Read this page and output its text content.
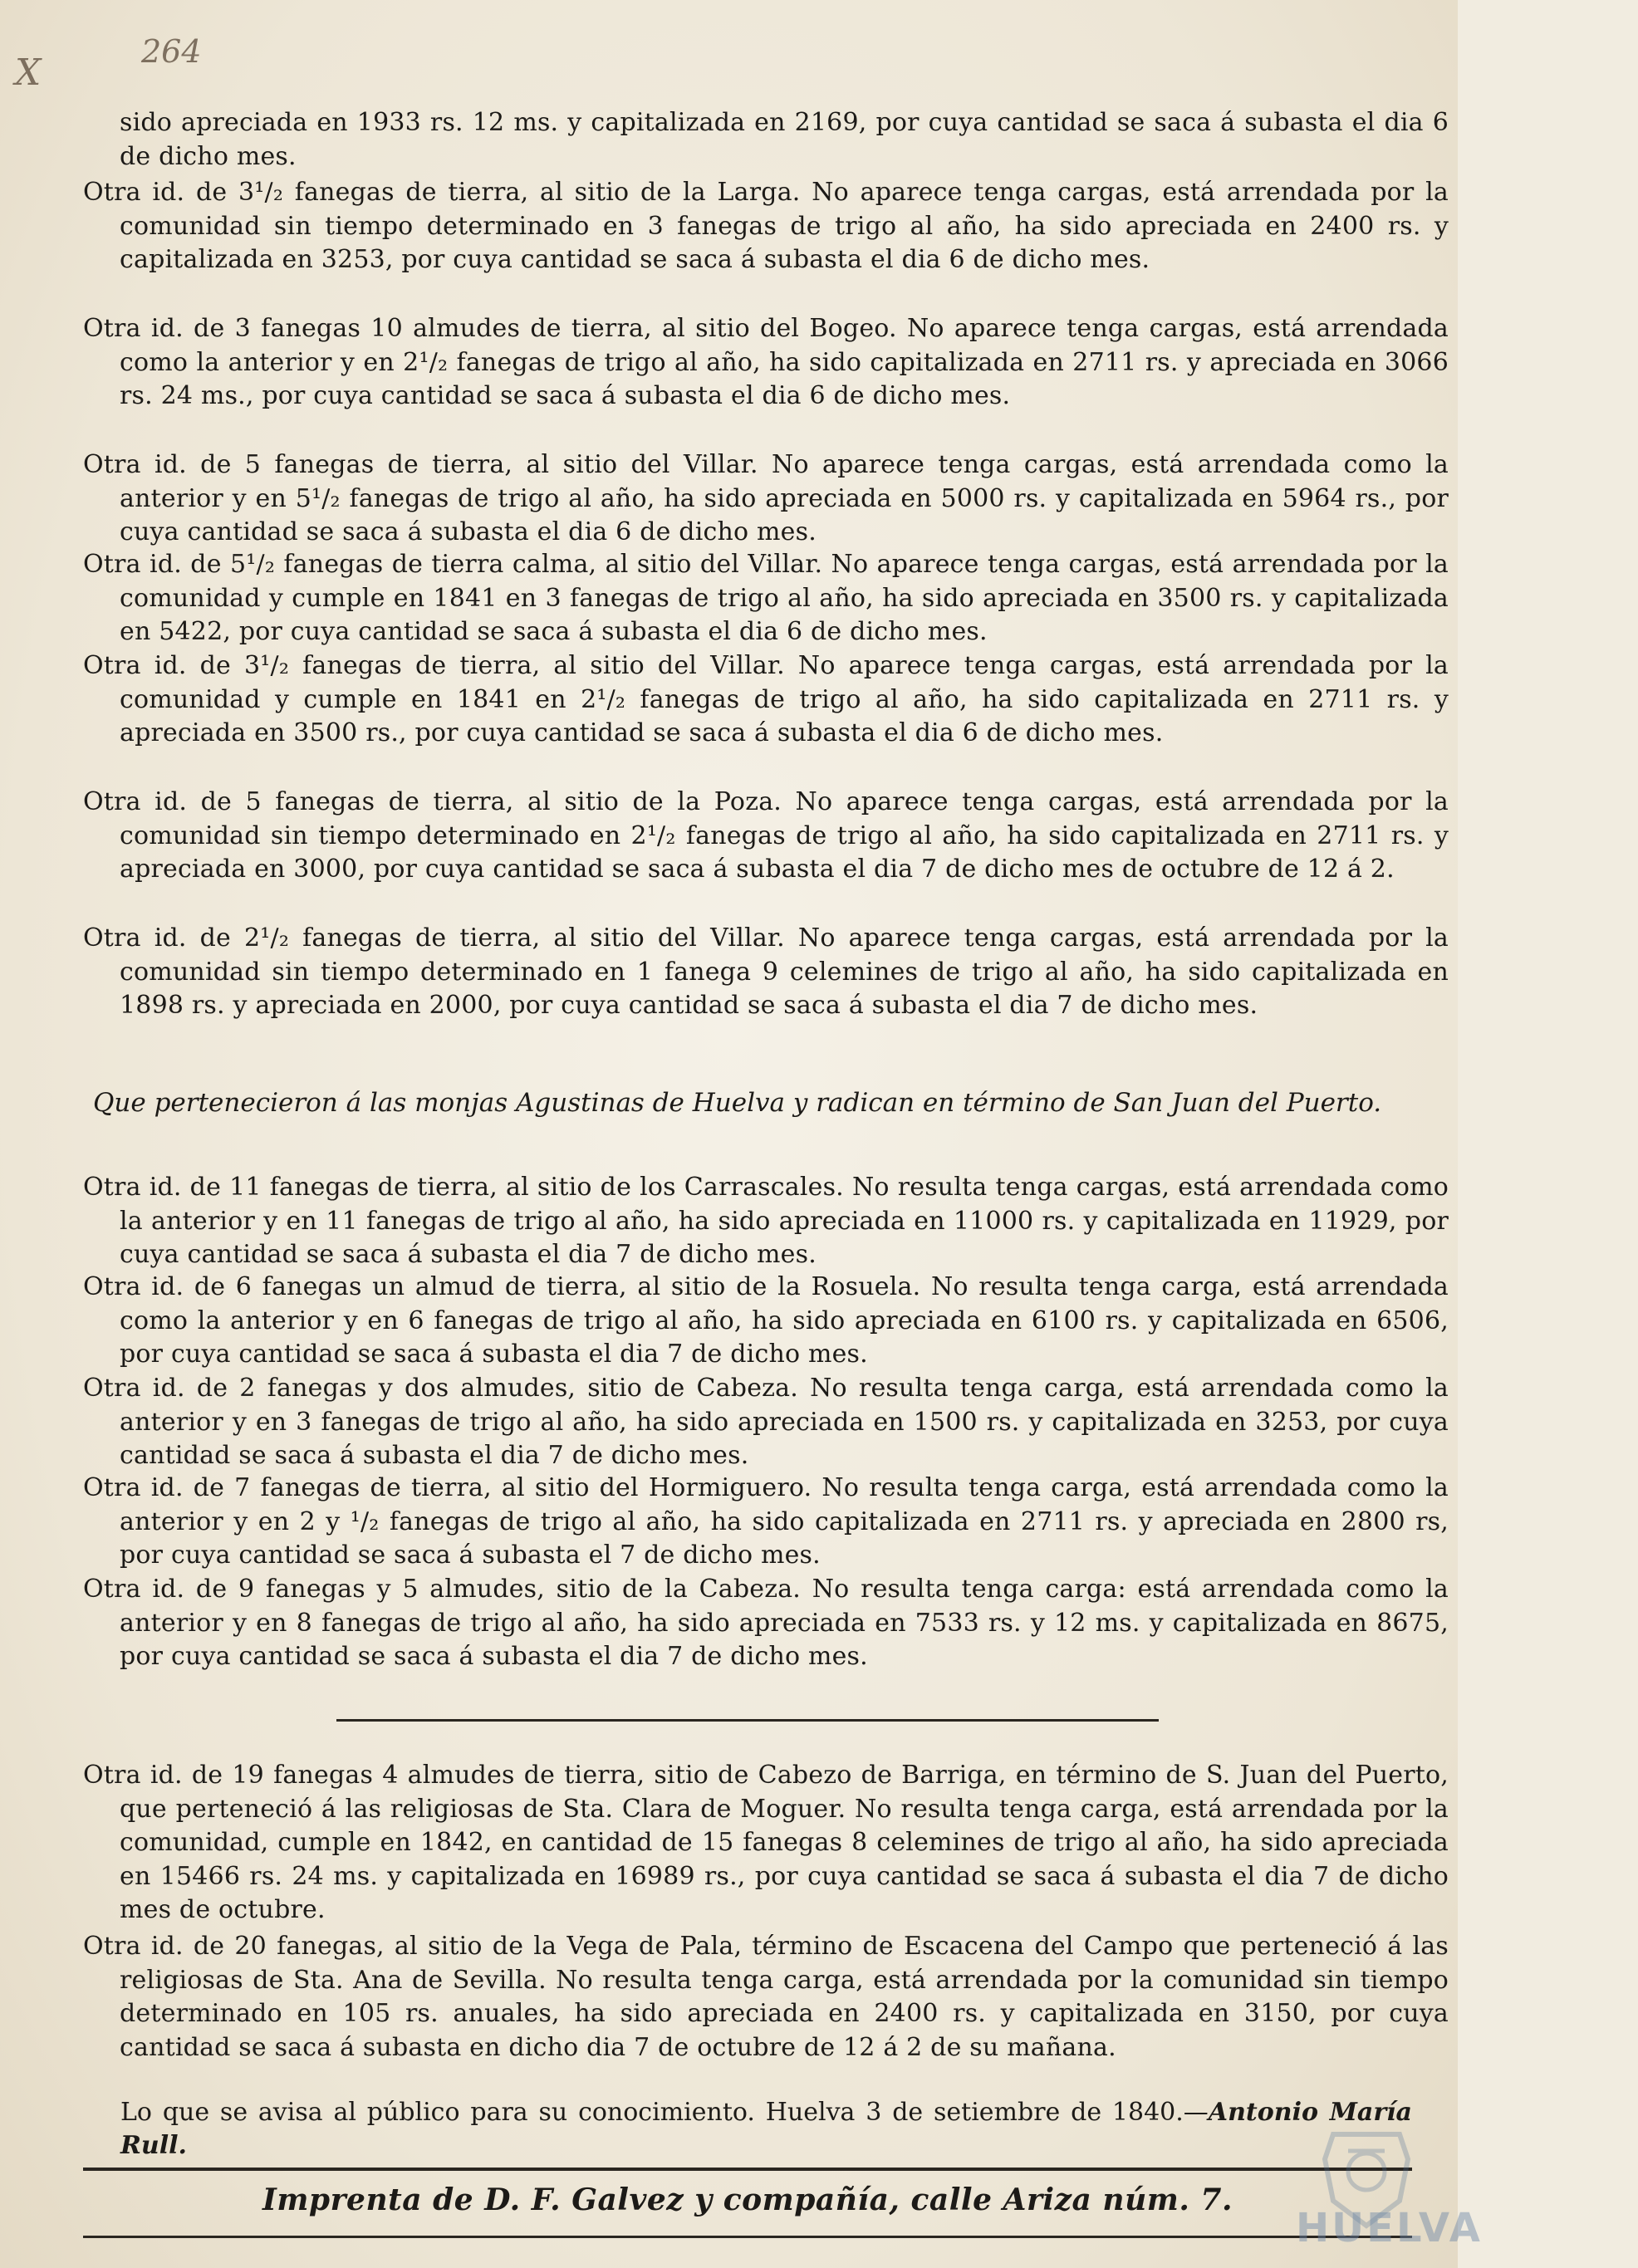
X	264

sido apreciada en 1933 rs. 12 ms. y capitalizada en 2169, por cuya cantidad se saca á subasta el dia 6 de dicho mes.

Otra id. de 3¹/₂ fanegas de tierra, al sitio de la Larga. No aparece tenga cargas, está arrendada por la comunidad sin tiempo determinado en 3 fanegas de trigo al año, ha sido apreciada en 2400 rs. y capitalizada en 3253, por cuya cantidad se saca á subasta el dia 6 de dicho mes.

Otra id. de 3 fanegas 10 almudes de tierra, al sitio del Bogeo. No aparece tenga cargas, está arrendada como la anterior y en 2¹/₂ fanegas de trigo al año, ha sido capitalizada en 2711 rs. y apreciada en 3066 rs. 24 ms., por cuya cantidad se saca á subasta el dia 6 de dicho mes.

Otra id. de 5 fanegas de tierra, al sitio del Villar. No aparece tenga cargas, está arrendada como la anterior y en 5¹/₂ fanegas de trigo al año, ha sido apreciada en 5000 rs. y capitalizada en 5964 rs., por cuya cantidad se saca á subasta el dia 6 de dicho mes.

Otra id. de 5¹/₂ fanegas de tierra calma, al sitio del Villar. No aparece tenga cargas, está arrendada por la comunidad y cumple en 1841 en 3 fanegas de trigo al año, ha sido apreciada en 3500 rs. y capitalizada en 5422, por cuya cantidad se saca á subasta el dia 6 de dicho mes.

Otra id. de 3¹/₂ fanegas de tierra, al sitio del Villar. No aparece tenga cargas, está arrendada por la comunidad y cumple en 1841 en 2¹/₂ fanegas de trigo al año, ha sido capitalizada en 2711 rs. y apreciada en 3500 rs., por cuya cantidad se saca á subasta el dia 6 de dicho mes.

Otra id. de 5 fanegas de tierra, al sitio de la Poza. No aparece tenga cargas, está arrendada por la comunidad sin tiempo determinado en 2¹/₂ fanegas de trigo al año, ha sido capitalizada en 2711 rs. y apreciada en 3000, por cuya cantidad se saca á subasta el dia 7 de dicho mes de octubre de 12 á 2.

Otra id. de 2¹/₂ fanegas de tierra, al sitio del Villar. No aparece tenga cargas, está arrendada por la comunidad sin tiempo determinado en 1 fanega 9 celemines de trigo al año, ha sido capitalizada en 1898 rs. y apreciada en 2000, por cuya cantidad se saca á subasta el dia 7 de dicho mes.

Que pertenecieron á las monjas Agustinas de Huelva y radican en término de San Juan del Puerto.

Otra id. de 11 fanegas de tierra, al sitio de los Carrascales. No resulta tenga cargas, está arrendada como la anterior y en 11 fanegas de trigo al año, ha sido apreciada en 11000 rs. y capitalizada en 11929, por cuya cantidad se saca á subasta el dia 7 de dicho mes.

Otra id. de 6 fanegas un almud de tierra, al sitio de la Rosuela. No resulta tenga carga, está arrendada como la anterior y en 6 fanegas de trigo al año, ha sido apreciada en 6100 rs. y capitalizada en 6506, por cuya cantidad se saca á subasta el dia 7 de dicho mes.

Otra id. de 2 fanegas y dos almudes, sitio de Cabeza. No resulta tenga carga, está arrendada como la anterior y en 3 fanegas de trigo al año, ha sido apreciada en 1500 rs. y capitalizada en 3253, por cuya cantidad se saca á subasta el dia 7 de dicho mes.

Otra id. de 7 fanegas de tierra, al sitio del Hormiguero. No resulta tenga carga, está arrendada como la anterior y en 2 y ¹/₂ fanegas de trigo al año, ha sido capitalizada en 2711 rs. y apreciada en 2800 rs, por cuya cantidad se saca á subasta el 7 de dicho mes.

Otra id. de 9 fanegas y 5 almudes, sitio de la Cabeza. No resulta tenga carga: está arrendada como la anterior y en 8 fanegas de trigo al año, ha sido apreciada en 7533 rs. y 12 ms. y capitalizada en 8675, por cuya cantidad se saca á subasta el dia 7 de dicho mes.

Otra id. de 19 fanegas 4 almudes de tierra, sitio de Cabezo de Barriga, en término de S. Juan del Puerto, que perteneció á las religiosas de Sta. Clara de Moguer. No resulta tenga carga, está arrendada por la comunidad, cumple en 1842, en cantidad de 15 fanegas 8 celemines de trigo al año, ha sido apreciada en 15466 rs. 24 ms. y capitalizada en 16989 rs., por cuya cantidad se saca á subasta el dia 7 de dicho mes de octubre.

Otra id. de 20 fanegas, al sitio de la Vega de Pala, término de Escacena del Campo que perteneció á las religiosas de Sta. Ana de Sevilla. No resulta tenga carga, está arrendada por la comunidad sin tiempo determinado en 105 rs. anuales, ha sido apreciada en 2400 rs. y capitalizada en 3150, por cuya cantidad se saca á subasta en dicho dia 7 de octubre de 12 á 2 de su mañana.

Lo que se avisa al público para su conocimiento. Huelva 3 de setiembre de 1840.—Antonio María Rull.

Imprenta de D. F. Galvez y compañía, calle Ariza núm. 7.
HUELVA
